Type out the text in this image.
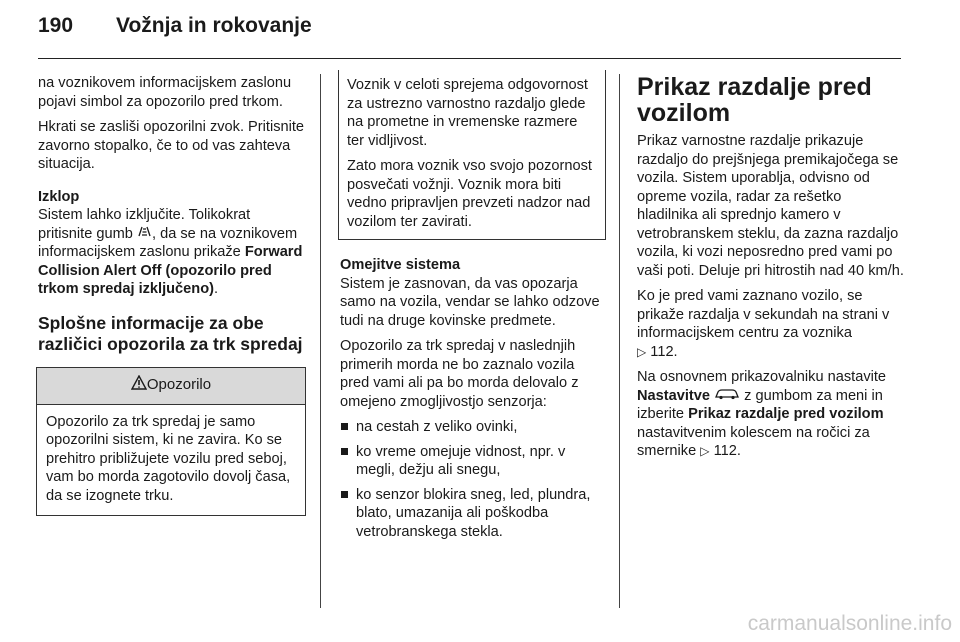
190 Vožnja in rokovanje

na voznikovem informacijskem zaslonu pojavi simbol za opozorilo pred trkom.

Hkrati se zasliši opozorilni zvok. Pritisnite zavorno stopalko, če to od vas zahteva situacija.

Izklop
Sistem lahko izključite. Tolikokrat pritisnite gumb , da se na voznikovem informacijskem zaslonu prikaže Forward Collision Alert Off (opozorilo pred trkom spredaj izključeno).

Splošne informacije za obe različici opozorila za trk spredaj
Opozorilo
Opozorilo za trk spredaj je samo opozorilni sistem, ki ne zavira. Ko se prehitro približujete vozilu pred seboj, vam bo morda zagotovilo dovolj časa, da se izognete trku.

Voznik v celoti sprejema odgovornost za ustrezno varnostno razdaljo glede na prometne in vremenske razmere ter vidljivost.

Zato mora voznik vso svojo pozornost posvečati vožnji. Voznik mora biti vedno pripravljen prevzeti nadzor nad vozilom ter zavirati.

Omejitve sistema

Sistem je zasnovan, da vas opozarja samo na vozila, vendar se lahko odzove tudi na druge kovinske predmete.

Opozorilo za trk spredaj v naslednjih primerih morda ne bo zaznalo vozila pred vami ali pa bo morda delovalo z omejeno zmogljivostjo senzorja:

na cestah z veliko ovinki,
ko vreme omejuje vidnost, npr. v megli, dežju ali snegu,
ko senzor blokira sneg, led, plundra, blato, umazanija ali poškodba vetrobranskega stekla.
Prikaz razdalje pred vozilom

Prikaz varnostne razdalje prikazuje razdaljo do prejšnjega premikajočega se vozila. Sistem uporablja, odvisno od opreme vozila, radar za rešetko hladilnika ali sprednjo kamero v vetrobranskem steklu, da zazna razdaljo vozila, ki vozi neposredno pred vami po vaši poti. Deluje pri hitrostih nad 40 km/h.

Ko je pred vami zaznano vozilo, se prikaže razdalja v sekundah na strani v informacijskem centru za voznika
▷ 112.

Na osnovnem prikazovalniku nastavite Nastavitve  z gumbom za meni in izberite Prikaz razdalje pred vozilom nastavitvenim kolescem na ročici za smernike ▷ 112.

carmanualsonline.info
